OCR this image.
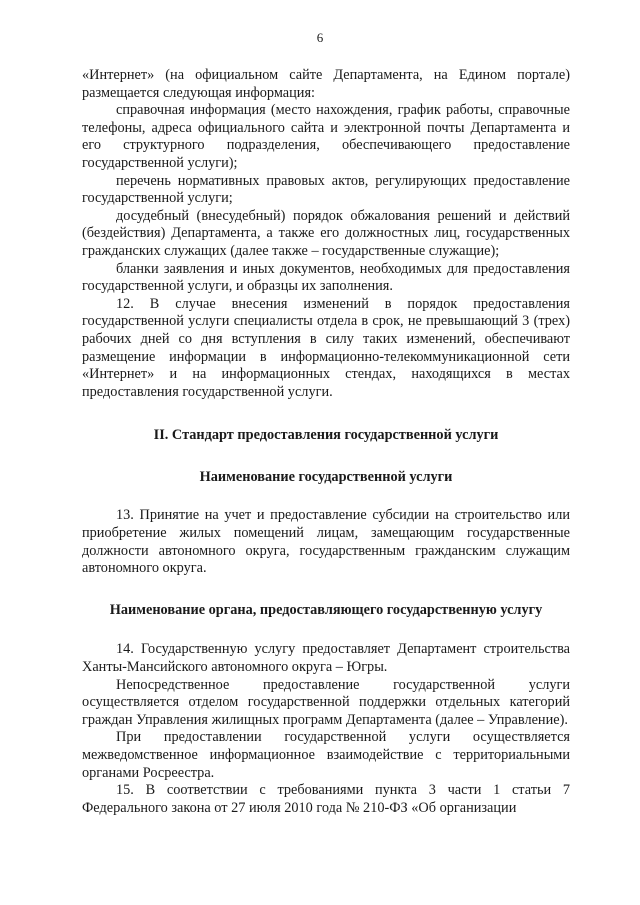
6

«Интернет» (на официальном сайте Департамента, на Едином портале) размещается следующая информация:

справочная информация (место нахождения, график работы, справочные телефоны, адреса официального сайта и электронной почты Департамента и его структурного подразделения, обеспечивающего предоставление государственной услуги);

перечень нормативных правовых актов, регулирующих предоставление государственной услуги;

досудебный (внесудебный) порядок обжалования решений и действий (бездействия) Департамента, а также его должностных лиц, государственных гражданских служащих (далее также – государственные служащие);

бланки заявления и иных документов, необходимых для предоставления государственной услуги, и образцы их заполнения.

12. В случае внесения изменений в порядок предоставления государственной услуги специалисты отдела в срок, не превышающий 3 (трех) рабочих дней со дня вступления в силу таких изменений, обеспечивают размещение информации в информационно-телекоммуникационной сети «Интернет» и на информационных стендах, находящихся в местах предоставления государственной услуги.

II. Стандарт предоставления государственной услуги

Наименование государственной услуги

13. Принятие на учет и предоставление субсидии на строительство или приобретение жилых помещений лицам, замещающим государственные должности автономного округа, государственным гражданским служащим автономного округа.

Наименование органа, предоставляющего государственную услугу

14. Государственную услугу предоставляет Департамент строительства Ханты-Мансийского автономного округа – Югры.

Непосредственное предоставление государственной услуги осуществляется отделом государственной поддержки отдельных категорий граждан Управления жилищных программ Департамента (далее – Управление).

При предоставлении государственной услуги осуществляется межведомственное информационное взаимодействие с территориальными органами Росреестра.

15. В соответствии с требованиями пункта 3 части 1 статьи 7 Федерального закона от 27 июля 2010 года № 210-ФЗ «Об организации
